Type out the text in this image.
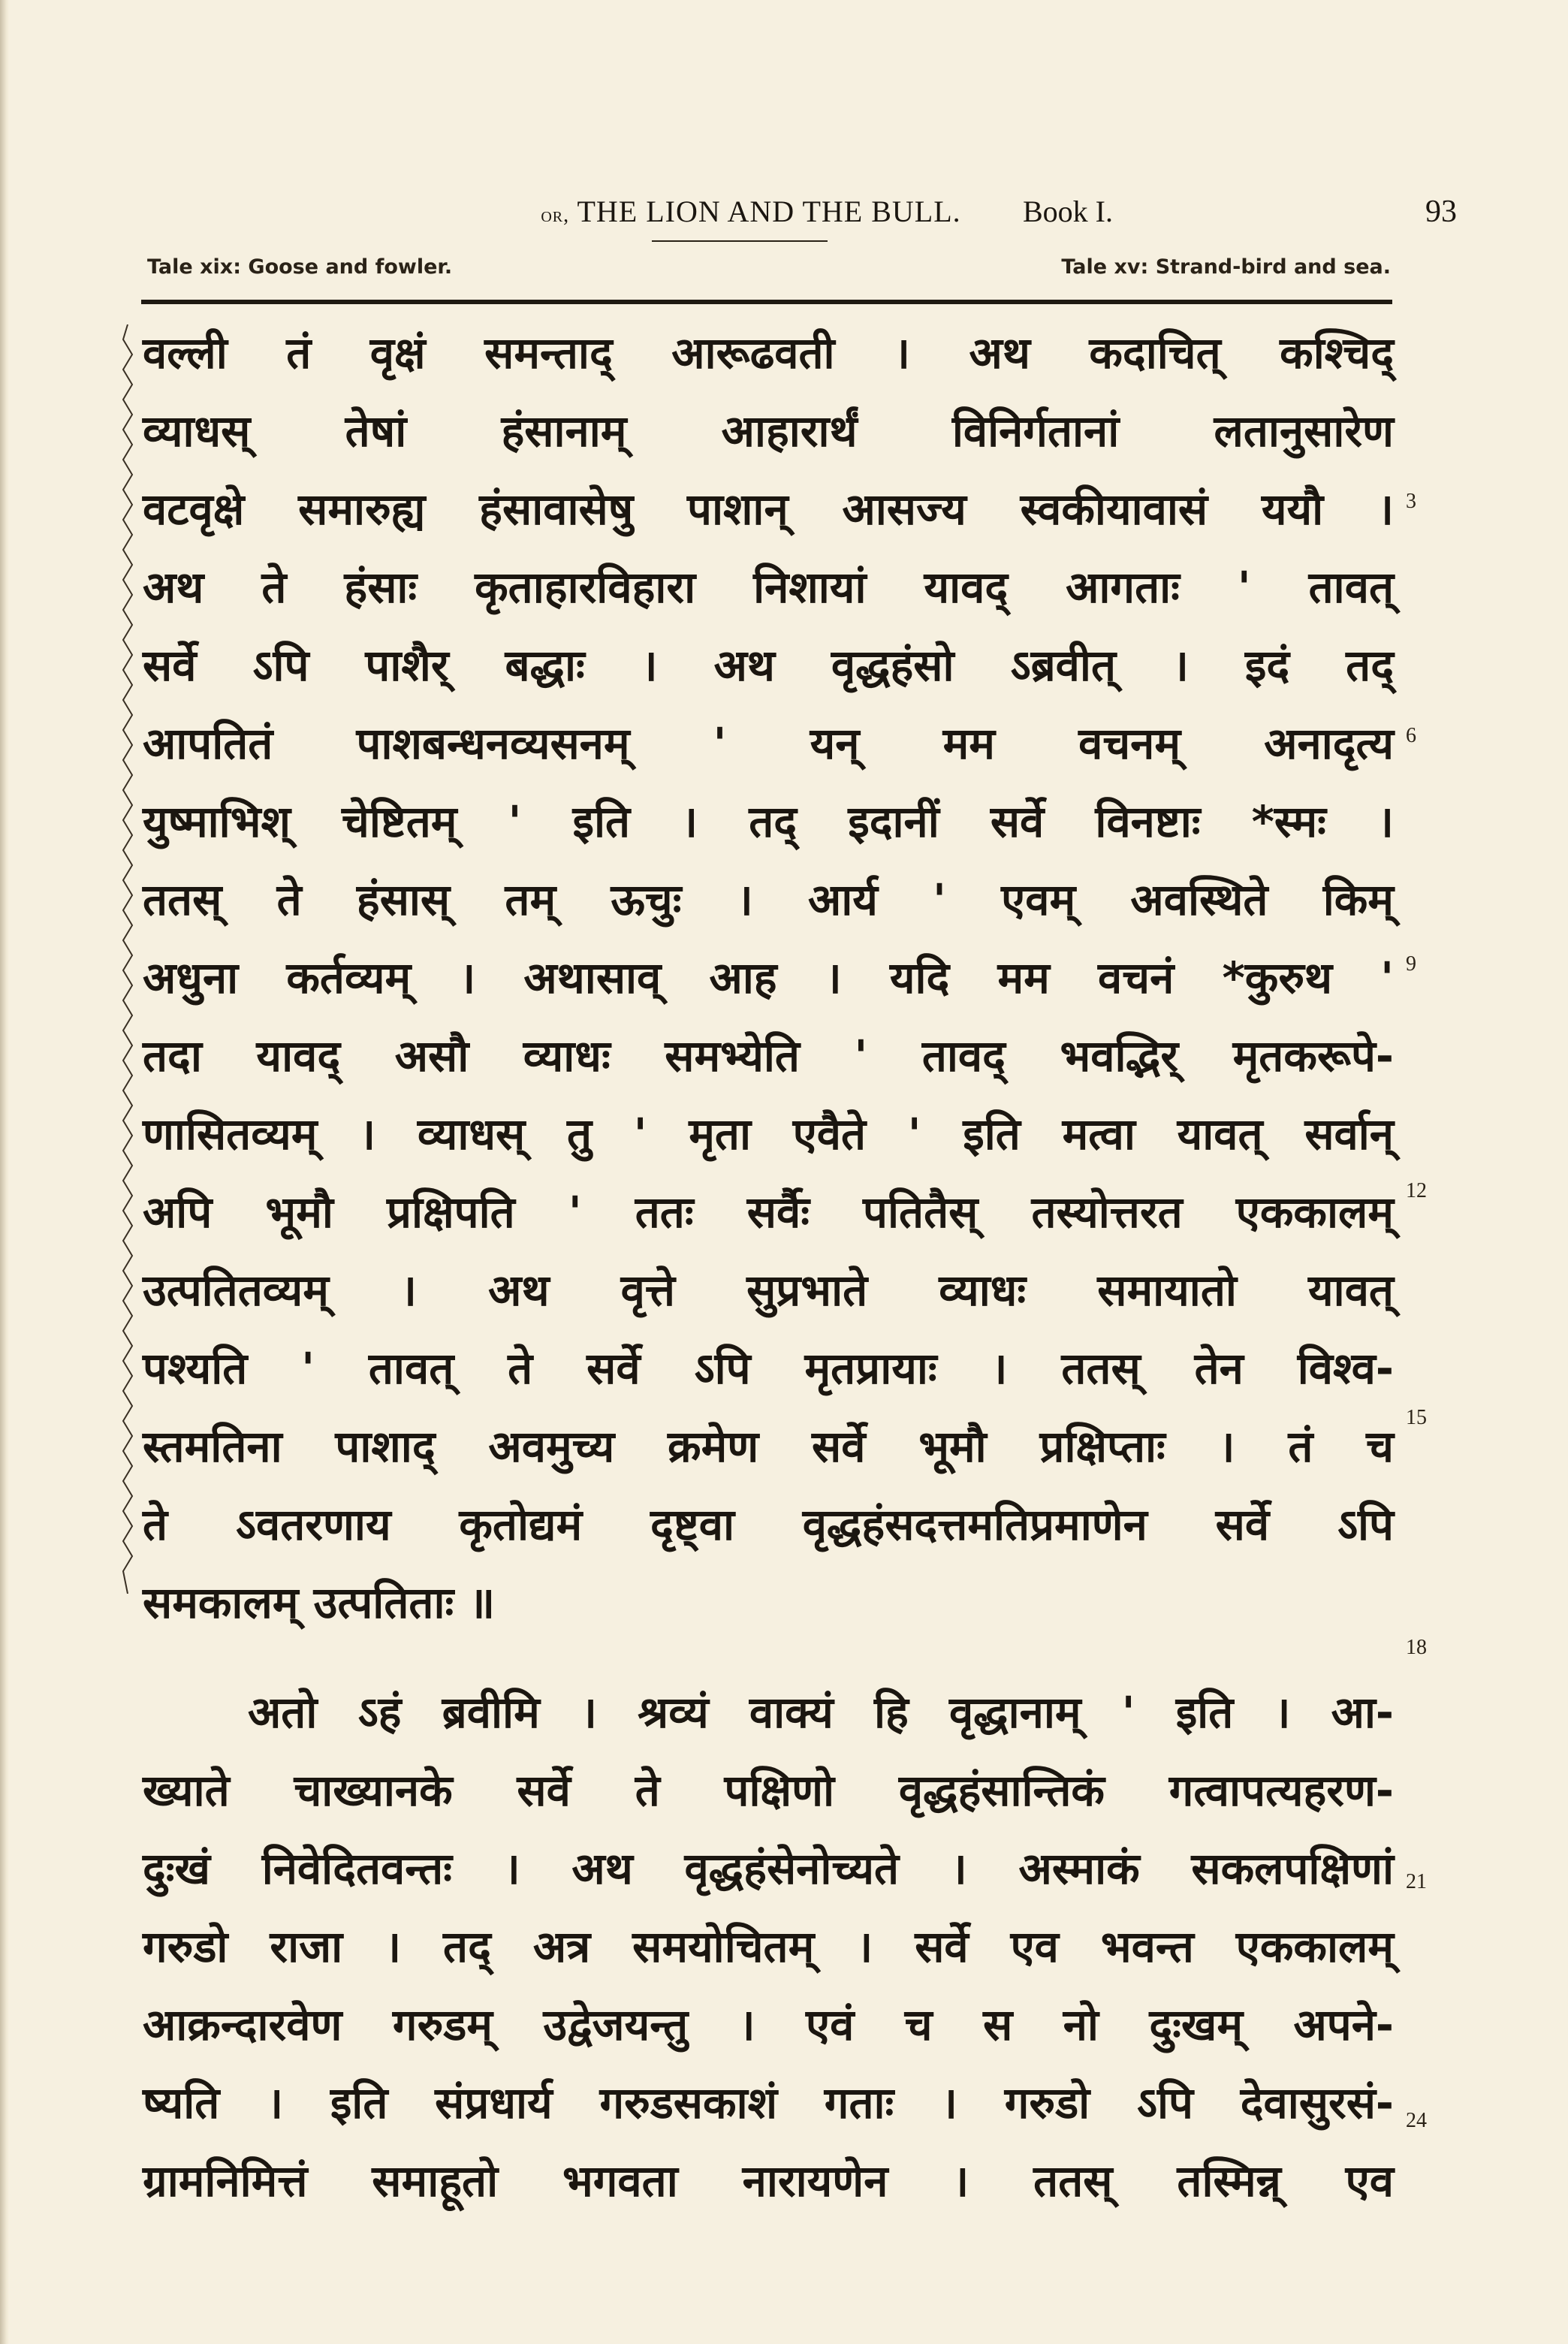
or, THE LION AND THE BULL.	93
Book I.
Tale xix: Goose and fowler.	Tale xv: Strand-bird and sea.
वल्ली तं वृक्षं समन्ताद् आरूढवती । अथ कदाचित् कश्चिद्
व्याधस् तेषां हंसानाम् आहारार्थं विनिर्गतानां लतानुसारेण
वटवृक्षे समारुह्य हंसावासेषु पाशान् आसज्य स्वकीयावासं ययौ ।
अथ ते हंसाः कृताहारविहारा निशायां यावद् आगताः ' तावत्
सर्वे ऽपि पाशैर् बद्धाः । अथ वृद्धहंसो ऽब्रवीत् । इदं तद्
आपतितं पाशबन्धनव्यसनम् ' यन् मम वचनम् अनादृत्य
युष्माभिश् चेष्टितम् ' इति । तद् इदानीं सर्वे विनष्टाः *स्मः ।
ततस् ते हंसास् तम् ऊचुः । आर्य ' एवम् अवस्थिते किम्
अधुना कर्तव्यम् । अथासाव् आह । यदि मम वचनं *कुरुथ '
तदा यावद् असौ व्याधः समभ्येति ' तावद् भवद्भिर् मृतकरूपे-
णासितव्यम् । व्याधस् तु ' मृता एवैते ' इति मत्वा यावत् सर्वान्
अपि भूमौ प्रक्षिपति ' ततः सर्वैः पतितैस् तस्योत्तरत एककालम्
उत्पतितव्यम् । अथ वृत्ते सुप्रभाते व्याधः समायातो यावत्
पश्यति ' तावत् ते सर्वे ऽपि मृतप्रायाः । ततस् तेन विश्व-
स्तमतिना पाशाद् अवमुच्य क्रमेण सर्वे भूमौ प्रक्षिप्ताः । तं च
ते ऽवतरणाय कृतोद्यमं दृष्ट्वा वृद्धहंसदत्तमतिप्रमाणेन सर्वे ऽपि
समकालम् उत्पतिताः ॥
अतो ऽहं ब्रवीमि । श्रव्यं वाक्यं हि वृद्धानाम् ' इति । आ-
ख्याते चाख्यानके सर्वे ते पक्षिणो वृद्धहंसान्तिकं गत्वापत्यहरण-
दुःखं निवेदितवन्तः । अथ वृद्धहंसेनोच्यते । अस्माकं सकलपक्षिणां
गरुडो राजा । तद् अत्र समयोचितम् । सर्वे एव भवन्त एककालम्
आक्रन्दारवेण गरुडम् उद्वेजयन्तु । एवं च स नो दुःखम् अपने-
ष्यति । इति संप्रधार्य गरुडसकाशं गताः । गरुडो ऽपि देवासुरसं-
ग्रामनिमित्तं समाहूतो भगवता नारायणेन । ततस् तस्मिन्न् एव
3
6
9
12
15
18
21
24
